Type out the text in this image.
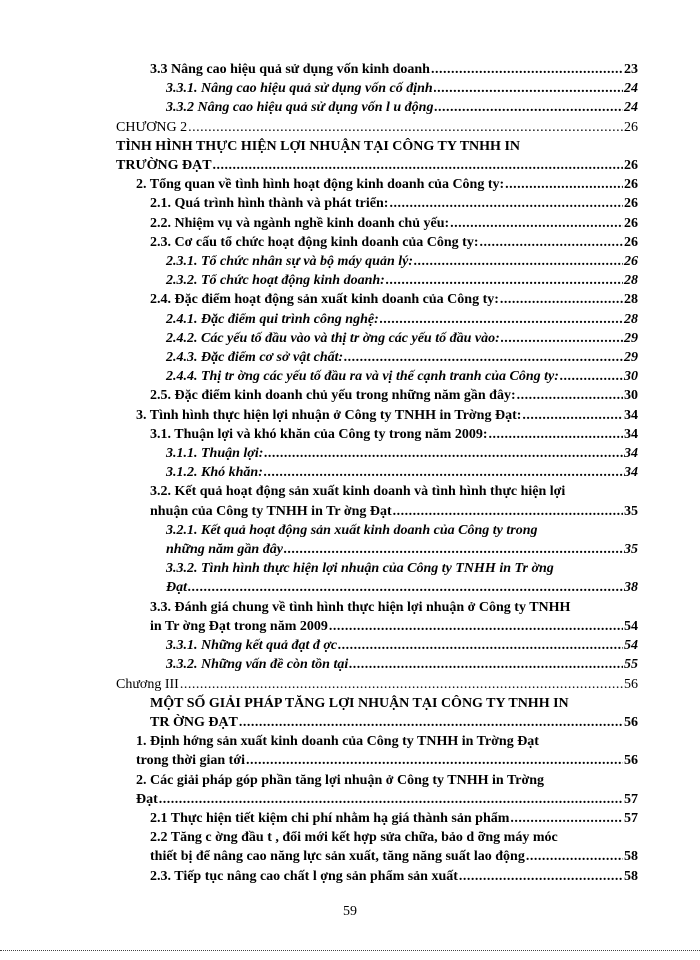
3.3 Nâng cao hiệu quả sử dụng vốn kinh doanh .....	23
3.3.1. Nâng cao hiệu quả sử dụng vốn cố định .....	24
3.3.2 Nâng cao hiệu quả sử dụng vốn l u động .....	24
CHƯƠNG 2 .....	26
TÌNH HÌNH THỰC HIỆN LỢI NHUẬN TẠI CÔNG TY TNHH IN
TRƯỜNG ĐẠT .....	26
2. Tổng quan về tình hình hoạt động kinh doanh của Công ty: .....	26
2.1. Quá trình hình thành và phát triển: .....	26
2.2. Nhiệm vụ và ngành nghề kinh doanh chủ yếu: .....	26
2.3. Cơ cấu tổ chức hoạt động kinh doanh của Công ty: .....	26
2.3.1. Tổ chức nhân sự và bộ máy quản lý: .....	26
2.3.2. Tổ chức hoạt động kinh doanh: .....	28
2.4. Đặc điểm hoạt động sản xuất kinh doanh của Công ty: .....	28
2.4.1. Đặc điểm qui trình công nghệ: .....	28
2.4.2. Các yếu tố đầu vào và thị tr ờng các yếu tố đầu vào: .....	29
2.4.3. Đặc điểm cơ sở vật chất: .....	29
2.4.4. Thị tr ờng các yếu tố đầu ra và vị thế cạnh tranh của Công ty: .....	30
2.5. Đặc điểm kinh doanh chủ yếu trong những năm gần đây: .....	30
3. Tình hình thực hiện lợi nhuận ở Công ty TNHH in Trờng Đạt: .....	34
3.1. Thuận lợi và khó khăn của Công ty trong năm 2009: .....	34
3.1.1. Thuận lợi: .....	34
3.1.2. Khó khăn: .....	34
3.2. Kết quả hoạt động sản xuất kinh doanh và tình hình thực hiện lợi
nhuận của Công ty TNHH in Tr ờng Đạt .....	35
3.2.1. Kết quả hoạt động sản xuất kinh doanh của Công ty trong
những năm gần đây .....	35
3.3.2. Tình hình thực hiện lợi nhuận của Công ty TNHH in Tr ờng
Đạt .....	38
3.3. Đánh giá chung về tình hình thực hiện lợi nhuận ở Công ty TNHH
in Tr ờng Đạt trong năm 2009 .....	54
3.3.1. Những kết quả đạt đ ợc .....	54
3.3.2. Những vấn đề còn tồn tại .....	55
Chương III .....	56
MỘT SỐ GIẢI PHÁP TĂNG LỢI NHUẬN TẠI CÔNG TY TNHH IN
TR ỜNG ĐẠT .....	56
1. Định hớng sản xuất kinh doanh của Công ty TNHH in Trờng Đạt
trong thời gian tới .....	56
2. Các giải pháp góp phần tăng lợi nhuận ở Công ty TNHH in Trờng
Đạt .....	57
2.1 Thực hiện tiết kiệm chi phí nhằm hạ giá thành sản phẩm .....	57
2.2 Tăng c ờng đầu t , đổi mới kết hợp sửa chữa, bảo d ỡng máy móc
thiết bị để nâng cao năng lực sản xuất, tăng năng suất lao động .....	58
2.3. Tiếp tục nâng cao chất l ợng sản phẩm sản xuất .....	58
59
